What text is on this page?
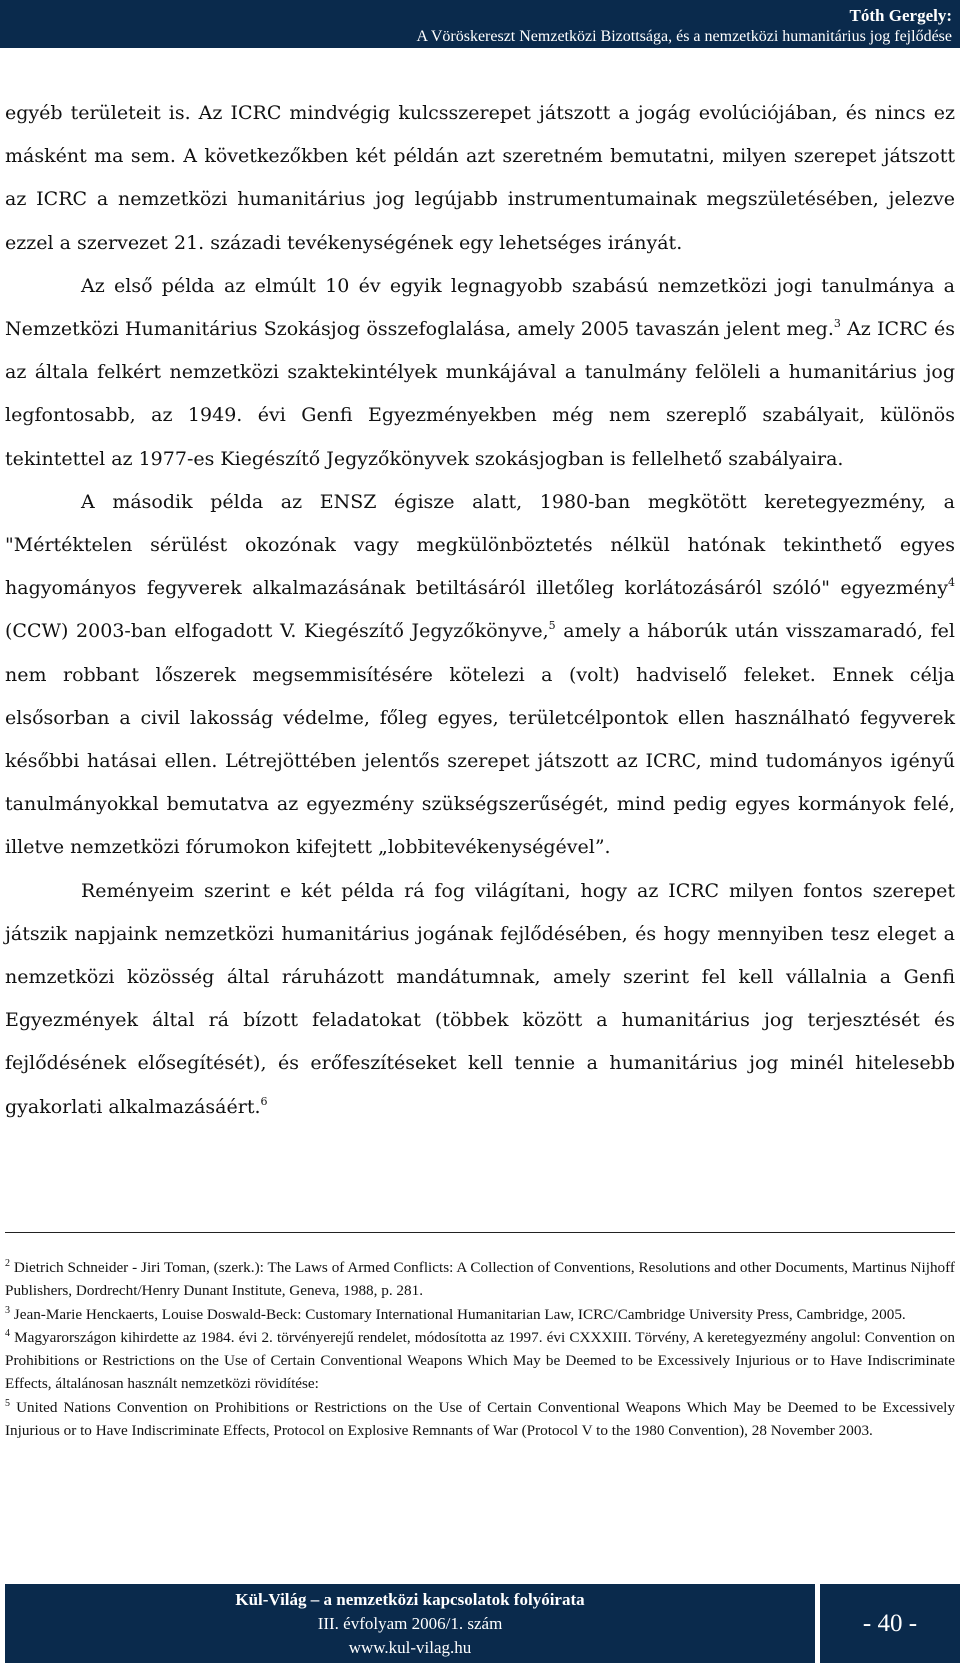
Tóth Gergely:
A Vöröskereszt Nemzetközi Bizottsága, és a nemzetközi humanitárius jog fejlődése

egyéb területeit is. Az ICRC mindvégig kulcsszerepet játszott a jogág evolúciójában, és nincs ez másként ma sem. A következőkben két példán azt szeretném bemutatni, milyen szerepet játszott az ICRC a nemzetközi humanitárius jog legújabb instrumentumainak megszületésében, jelezve ezzel a szervezet 21. századi tevékenységének egy lehetséges irányát.

Az első példa az elmúlt 10 év egyik legnagyobb szabású nemzetközi jogi tanulmánya a Nemzetközi Humanitárius Szokásjog összefoglalása, amely 2005 tavaszán jelent meg.$^3$ Az ICRC és az általa felkért nemzetközi szaktekintélyek munkájával a tanulmány felöleli a humanitárius jog legfontosabb, az 1949. évi Genfi Egyezményekben még nem szereplő szabályait, különös tekintettel az 1977-es Kiegészítő Jegyzőkönyvek szokásjogban is fellelhető szabályaira.

A második példa az ENSZ égisze alatt, 1980-ban megkötött keretegyezmény, a "Mértéktelen sérülést okozónak vagy megkülönböztetés nélkül hatónak tekinthető egyes hagyományos fegyverek alkalmazásának betiltásáról illetőleg korlátozásáról szóló" egyezmény$^4$ (CCW) 2003-ban elfogadott V. Kiegészítő Jegyzőkönyve,$^5$ amely a háborúk után visszamaradó, fel nem robbant lőszerek megsemmisítésére kötelezi a (volt) hadviselő feleket. Ennek célja elsősorban a civil lakosság védelme, főleg egyes, területcélpontok ellen használható fegyverek későbbi hatásai ellen. Létrejöttében jelentős szerepet játszott az ICRC, mind tudományos igényű tanulmányokkal bemutatva az egyezmény szükségszerűségét, mind pedig egyes kormányok felé, illetve nemzetközi fórumokon kifejtett „lobbitevékenységével”.

Reményeim szerint e két példa rá fog világítani, hogy az ICRC milyen fontos szerepet játszik napjaink nemzetközi humanitárius jogának fejlődésében, és hogy mennyiben tesz eleget a nemzetközi közösség által ráruházott mandátumnak, amely szerint fel kell vállalnia a Genfi Egyezmények által rá bízott feladatokat (többek között a humanitárius jog terjesztését és fejlődésének elősegítését), és erőfeszítéseket kell tennie a humanitárius jog minél hitelesebb gyakorlati alkalmazásáért.$^6$

$^2$ Dietrich Schneider - Jiri Toman, (szerk.): The Laws of Armed Conflicts: A Collection of Conventions, Resolutions and other Documents, Martinus Nijhoff Publishers, Dordrecht/Henry Dunant Institute, Geneva, 1988, p. 281.

$^3$ Jean-Marie Henckaerts, Louise Doswald-Beck: Customary International Humanitarian Law, ICRC/Cambridge University Press, Cambridge, 2005.

$^4$ Magyarországon kihirdette az 1984. évi 2. törvényerejű rendelet, módosította az 1997. évi CXXXIII. Törvény, A keretegyezmény angolul: Convention on Prohibitions or Restrictions on the Use of Certain Conventional Weapons Which May be Deemed to be Excessively Injurious or to Have Indiscriminate Effects, általánosan használt nemzetközi rövidítése:

$^5$ United Nations Convention on Prohibitions or Restrictions on the Use of Certain Conventional Weapons Which May be Deemed to be Excessively Injurious or to Have Indiscriminate Effects, Protocol on Explosive Remnants of War (Protocol V to the 1980 Convention), 28 November 2003.

Kül-Világ – a nemzetközi kapcsolatok folyóirata
III. évfolyam 2006/1. szám
www.kul-vilag.hu
- 40 -
